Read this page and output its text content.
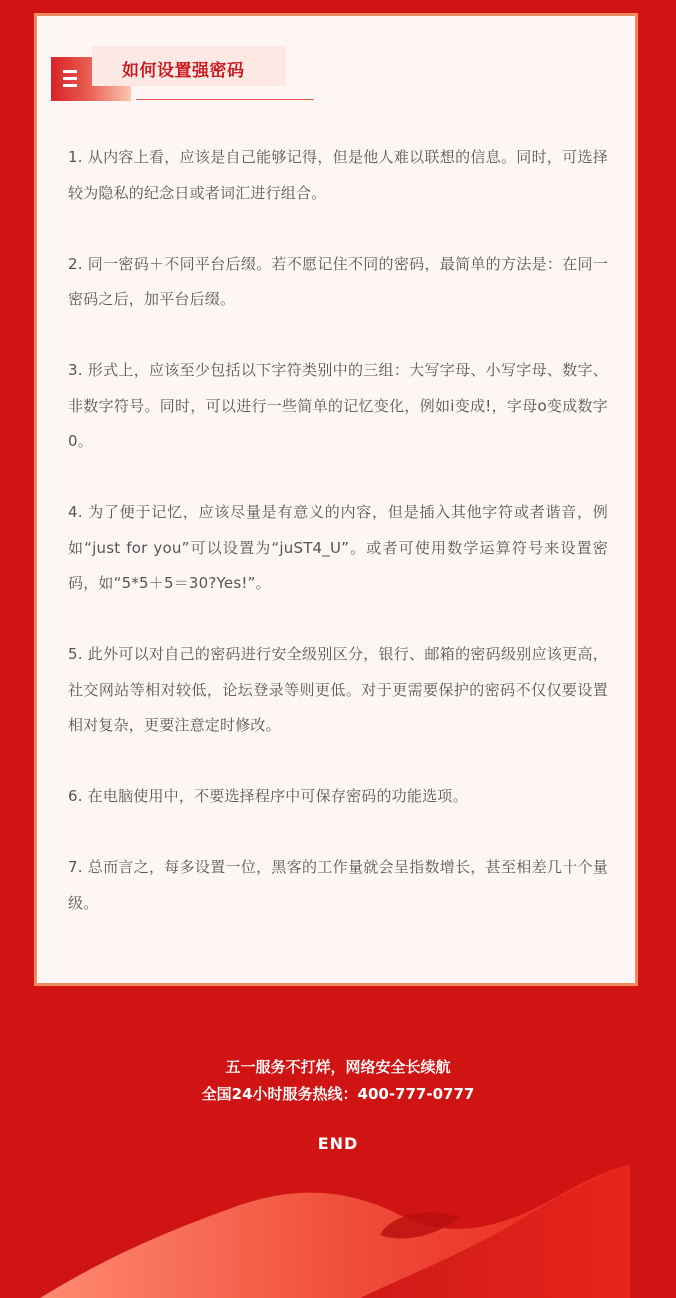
如何设置强密码

1. 从内容上看，应该是自己能够记得，但是他人难以联想的信息。同时，可选择较为隐私的纪念日或者词汇进行组合。

2. 同一密码＋不同平台后缀。若不愿记住不同的密码，最简单的方法是：在同一密码之后，加平台后缀。

3. 形式上，应该至少包括以下字符类别中的三组：大写字母、小写字母、数字、非数字符号。同时，可以进行一些简单的记忆变化，例如i变成!，字母o变成数字0。

4. 为了便于记忆，应该尽量是有意义的内容，但是插入其他字符或者谐音，例如“just for you”可以设置为“juST4_U”。或者可使用数学运算符号来设置密码，如“5*5＋5＝30?Yes!”。

5. 此外可以对自己的密码进行安全级别区分，银行、邮箱的密码级别应该更高，社交网站等相对较低，论坛登录等则更低。对于更需要保护的密码不仅仅要设置相对复杂，更要注意定时修改。

6. 在电脑使用中，不要选择程序中可保存密码的功能选项。

7. 总而言之，每多设置一位，黑客的工作量就会呈指数增长，甚至相差几十个量级。

五一服务不打烊，网络安全长续航
全国24小时服务热线：400-777-0777
END
